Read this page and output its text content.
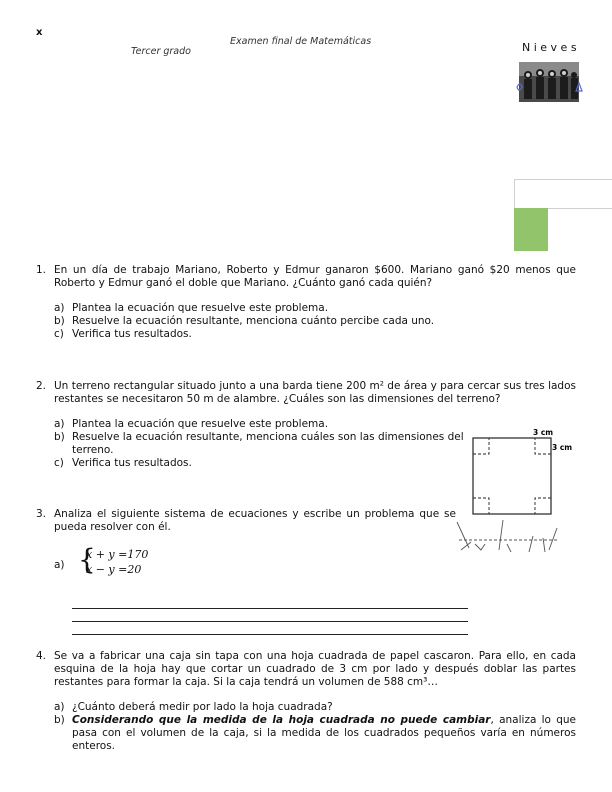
x
Examen final de Matemáticas
Tercer grado	N i e v e s
1. En un día de trabajo Mariano, Roberto y Edmur ganaron $600. Mariano ganó $20 menos que Roberto y Edmur ganó el doble que Mariano. ¿Cuánto ganó cada quién?
a) Plantea la ecuación que resuelve este problema.
b) Resuelve la ecuación resultante, menciona cuánto percibe cada uno.
c) Verifica tus resultados.
2. Un terreno rectangular situado junto a una barda tiene 200 m² de área y para cercar sus tres lados restantes se necesitaron 50 m de alambre. ¿Cuáles son las dimensiones del terreno?
a) Plantea la ecuación que resuelve este problema.
b) Resuelve la ecuación resultante, menciona cuáles son las dimensiones del terreno.
c) Verifica tus resultados.
3 cm
3 cm
3. Analiza el siguiente sistema de ecuaciones y escribe un problema que se pueda resolver con él.
a) {
x + y =170
x − y =20
4. Se va a fabricar una caja sin tapa con una hoja cuadrada de papel cascaron. Para ello, en cada esquina de la hoja hay que cortar un cuadrado de 3 cm por lado y después doblar las partes restantes para formar la caja. Si la caja tendrá un volumen de 588 cm³…
a) ¿Cuánto deberá medir por lado la hoja cuadrada?
b) Considerando que la medida de la hoja cuadrada no puede cambiar, analiza lo que pasa con el volumen de la caja, si la medida de los cuadrados pequeños varía en números enteros.
